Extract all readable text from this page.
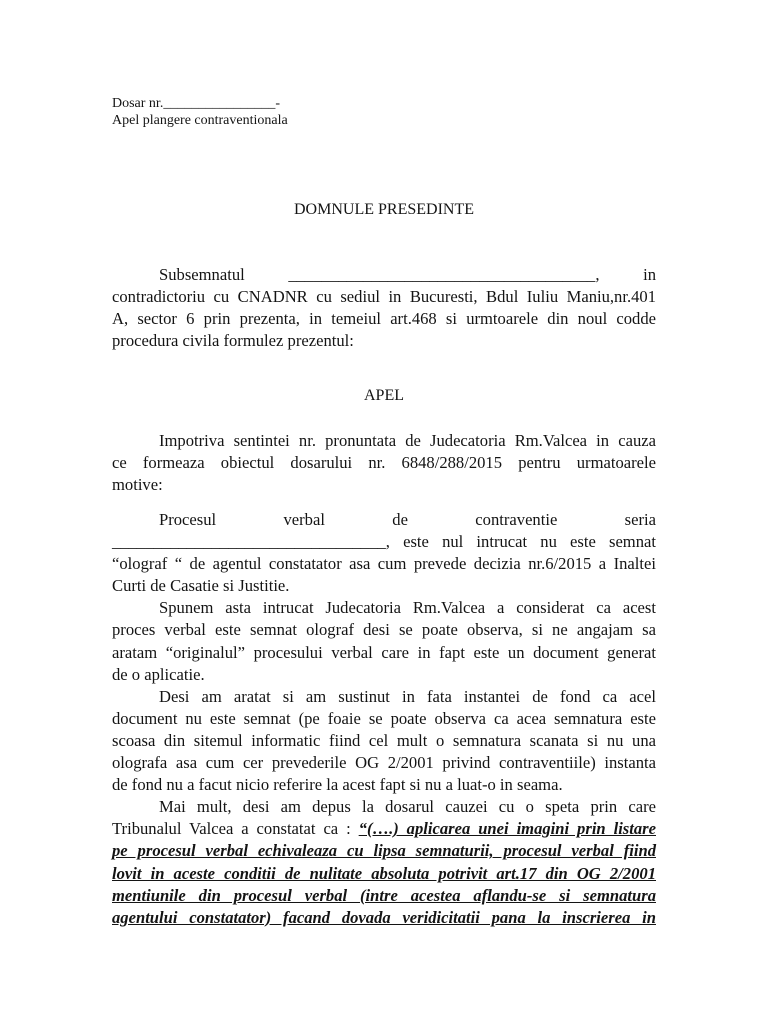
Dosar nr.________________-
Apel plangere contraventionala
DOMNULE PRESEDINTE
Subsemnatul _____________________________________, in
contradictoriu cu CNADNR cu sediul in Bucuresti, Bdul Iuliu Maniu,nr.401
A, sector 6 prin prezenta, in temeiul art.468 si urmtoarele din noul codde
procedura civila formulez prezentul:
APEL
Impotriva sentintei nr. pronuntata de Judecatoria Rm.Valcea in cauza
ce formeaza obiectul dosarului nr. 6848/288/2015 pentru urmatoarele
motive:
Procesul verbal de contraventie seria
_________________________________, este nul intrucat nu este semnat
“olograf “ de agentul constatator asa cum prevede decizia nr.6/2015 a Inaltei
Curti de Casatie si Justitie.
Spunem asta intrucat Judecatoria Rm.Valcea a considerat ca acest
proces verbal este semnat olograf desi se poate observa, si ne angajam sa
aratam “originalul” procesului verbal care in fapt este un document generat
de o aplicatie.
Desi am aratat si am sustinut in fata instantei de fond ca acel
document nu este semnat (pe foaie se poate observa ca acea semnatura este
scoasa din sitemul informatic fiind cel mult o semnatura scanata si nu una
olografa asa cum cer prevederile OG 2/2001 privind contraventiile) instanta
de fond nu a facut nicio referire la acest fapt si nu a luat-o in seama.
Mai mult, desi am depus la dosarul cauzei cu o speta prin care
Tribunalul Valcea a constatat ca : “(….) aplicarea unei imagini prin listare
pe procesul verbal echivaleaza cu lipsa semnaturii, procesul verbal fiind
lovit in aceste conditii de nulitate absoluta potrivit art.17 din OG 2/2001
mentiunile din procesul verbal (intre acestea aflandu-se si semnatura
agentului constatator) facand dovada veridicitatii pana la inscrierea in
